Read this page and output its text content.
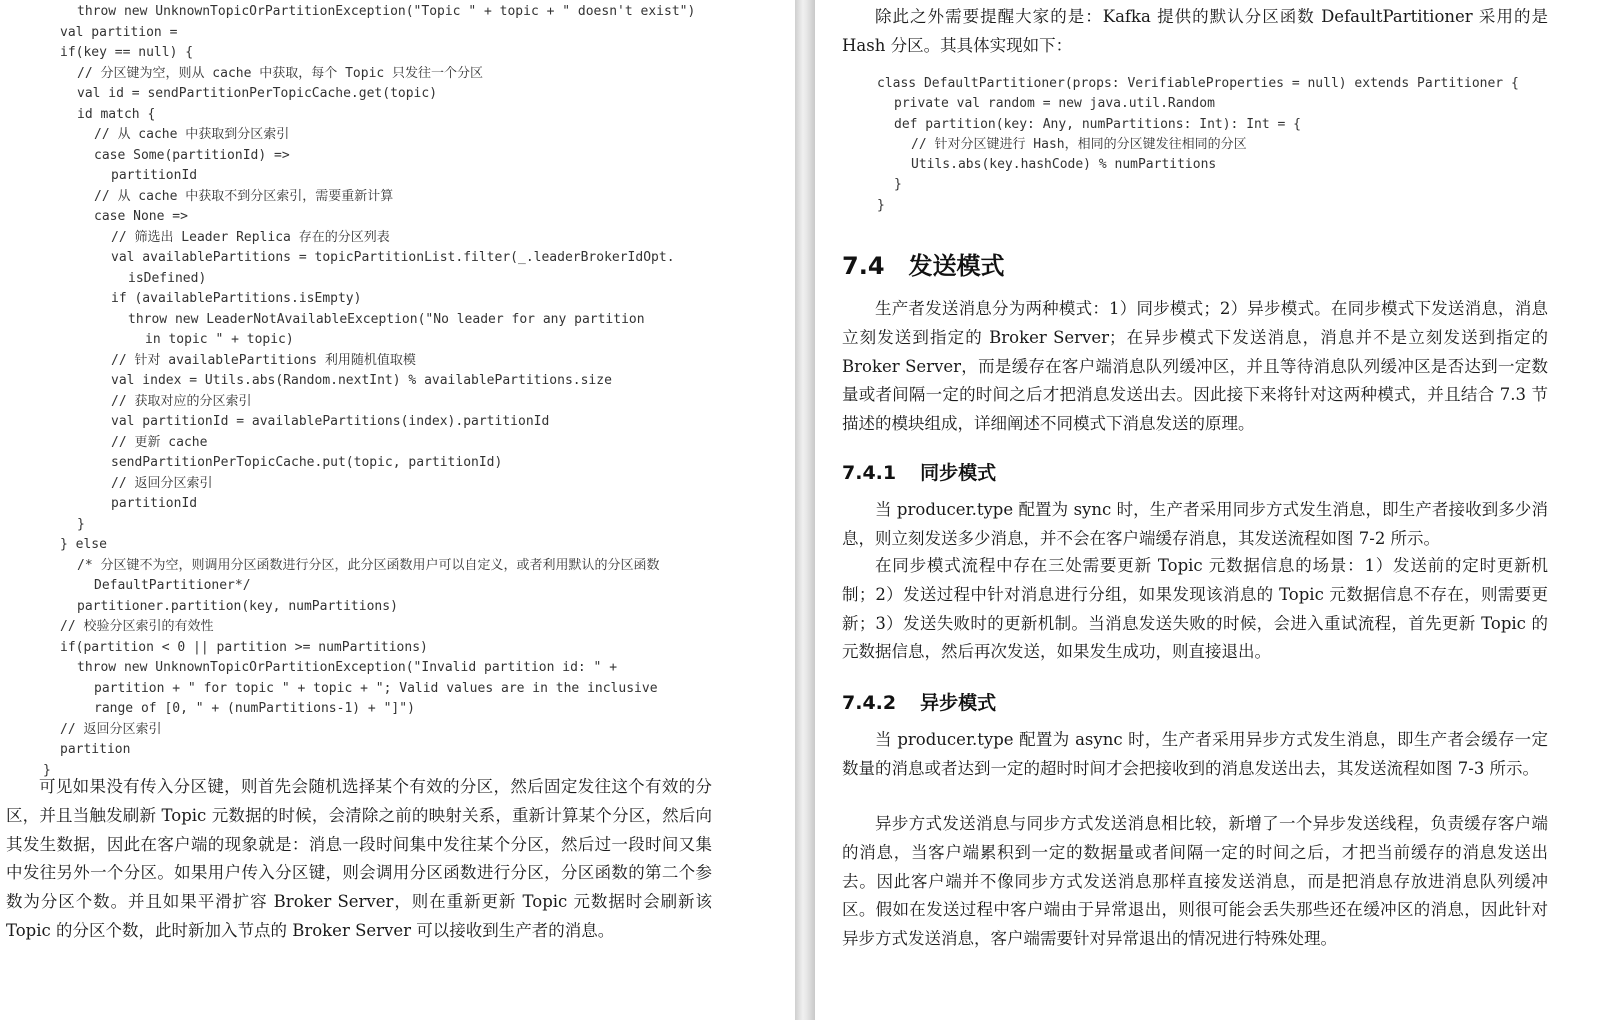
throw new UnknownTopicOrPartitionException("Topic " + topic + " doesn't exist")
val partition =
if(key == null) {
// 分区键为空，则从 cache 中获取，每个 Topic 只发往一个分区
val id = sendPartitionPerTopicCache.get(topic)
id match {
// 从 cache 中获取到分区索引
case Some(partitionId) =>
partitionId
// 从 cache 中获取不到分区索引，需要重新计算
case None =>
// 筛选出 Leader Replica 存在的分区列表
val availablePartitions = topicPartitionList.filter(_.leaderBrokerIdOpt.
isDefined)
if (availablePartitions.isEmpty)
throw new LeaderNotAvailableException("No leader for any partition
in topic " + topic)
// 针对 availablePartitions 利用随机值取模
val index = Utils.abs(Random.nextInt) % availablePartitions.size
// 获取对应的分区索引
val partitionId = availablePartitions(index).partitionId
// 更新 cache
sendPartitionPerTopicCache.put(topic, partitionId)
// 返回分区索引
partitionId
}
} else
/* 分区键不为空，则调用分区函数进行分区，此分区函数用户可以自定义，或者利用默认的分区函数
DefaultPartitioner*/
partitioner.partition(key, numPartitions)
// 校验分区索引的有效性
if(partition < 0 || partition >= numPartitions)
throw new UnknownTopicOrPartitionException("Invalid partition id: " +
partition + " for topic " + topic + "; Valid values are in the inclusive
range of [0, " + (numPartitions-1) + "]")
// 返回分区索引
partition
}

可见如果没有传入分区键，则首先会随机选择某个有效的分区，然后固定发往这个有效的分区，并且当触发刷新 Topic 元数据的时候，会清除之前的映射关系，重新计算某个分区，然后向其发生数据，因此在客户端的现象就是：消息一段时间集中发往某个分区，然后过一段时间又集中发往另外一个分区。如果用户传入分区键，则会调用分区函数进行分区，分区函数的第二个参数为分区个数。并且如果平滑扩容 Broker Server，则在重新更新 Topic 元数据时会刷新该 Topic 的分区个数，此时新加入节点的 Broker Server 可以接收到生产者的消息。

除此之外需要提醒大家的是：Kafka 提供的默认分区函数 DefaultPartitioner 采用的是 Hash 分区。其具体实现如下：

class DefaultPartitioner(props: VerifiableProperties = null) extends Partitioner {
private val random = new java.util.Random
def partition(key: Any, numPartitions: Int): Int = {
// 针对分区键进行 Hash，相同的分区键发往相同的分区
Utils.abs(key.hashCode) % numPartitions
}
}
7.4 发送模式

生产者发送消息分为两种模式：1）同步模式；2）异步模式。在同步模式下发送消息，消息立刻发送到指定的 Broker Server；在异步模式下发送消息，消息并不是立刻发送到指定的 Broker Server，而是缓存在客户端消息队列缓冲区，并且等待消息队列缓冲区是否达到一定数量或者间隔一定的时间之后才把消息发送出去。因此接下来将针对这两种模式，并且结合 7.3 节描述的模块组成，详细阐述不同模式下消息发送的原理。

7.4.1 同步模式

当 producer.type 配置为 sync 时，生产者采用同步方式发生消息，即生产者接收到多少消息，则立刻发送多少消息，并不会在客户端缓存消息，其发送流程如图 7-2 所示。

在同步模式流程中存在三处需要更新 Topic 元数据信息的场景：1）发送前的定时更新机制；2）发送过程中针对消息进行分组，如果发现该消息的 Topic 元数据信息不存在，则需要更新；3）发送失败时的更新机制。当消息发送失败的时候，会进入重试流程，首先更新 Topic 的元数据信息，然后再次发送，如果发生成功，则直接退出。

7.4.2 异步模式

当 producer.type 配置为 async 时，生产者采用异步方式发生消息，即生产者会缓存一定数量的消息或者达到一定的超时时间才会把接收到的消息发送出去，其发送流程如图 7-3 所示。

异步方式发送消息与同步方式发送消息相比较，新增了一个异步发送线程，负责缓存客户端的消息，当客户端累积到一定的数据量或者间隔一定的时间之后，才把当前缓存的消息发送出去。因此客户端并不像同步方式发送消息那样直接发送消息，而是把消息存放进消息队列缓冲区。假如在发送过程中客户端由于异常退出，则很可能会丢失那些还在缓冲区的消息，因此针对异步方式发送消息，客户端需要针对异常退出的情况进行特殊处理。
